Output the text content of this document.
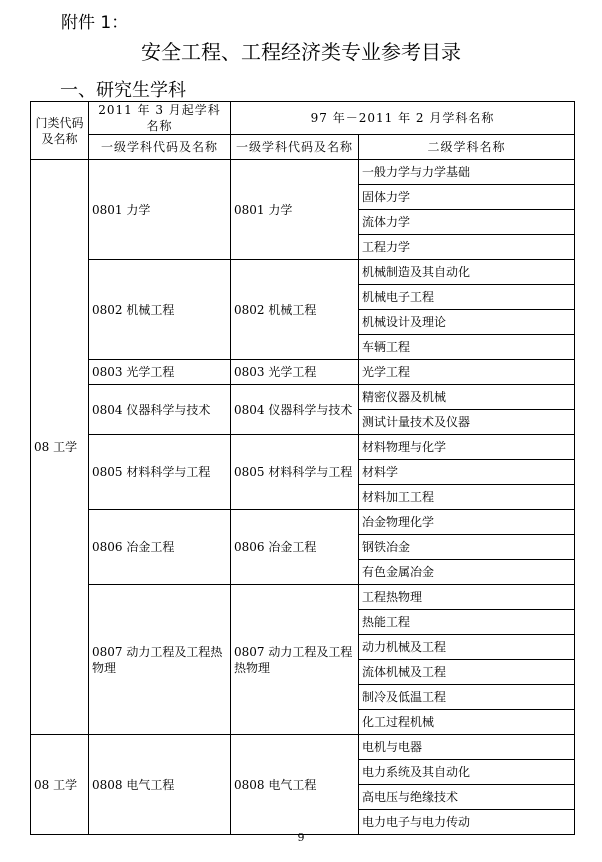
附件 1：
安全工程、工程经济类专业参考目录
一、研究生学科
门类代码及名称	2011 年 3 月起学科名称	97 年－2011 年 2 月学科名称	
	一级学科代码及名称	一级学科代码及名称	二级学科名称
08 工学	0801 力学	0801 力学	一般力学与力学基础
			固体力学
			流体力学
			工程力学
	0802 机械工程	0802 机械工程	机械制造及其自动化
			机械电子工程
			机械设计及理论
			车辆工程
	0803 光学工程	0803 光学工程	光学工程
	0804 仪器科学与技术	0804 仪器科学与技术	精密仪器及机械
			测试计量技术及仪器
	0805 材料科学与工程	0805 材料科学与工程	材料物理与化学
			材料学
			材料加工工程
	0806 冶金工程	0806 冶金工程	冶金物理化学
			钢铁冶金
			有色金属冶金
	0807 动力工程及工程热物理	0807 动力工程及工程热物理	工程热物理
			热能工程
			动力机械及工程
			流体机械及工程
			制冷及低温工程
			化工过程机械
08 工学	0808 电气工程	0808 电气工程	电机与电器
			电力系统及其自动化
			高电压与绝缘技术
			电力电子与电力传动
9
